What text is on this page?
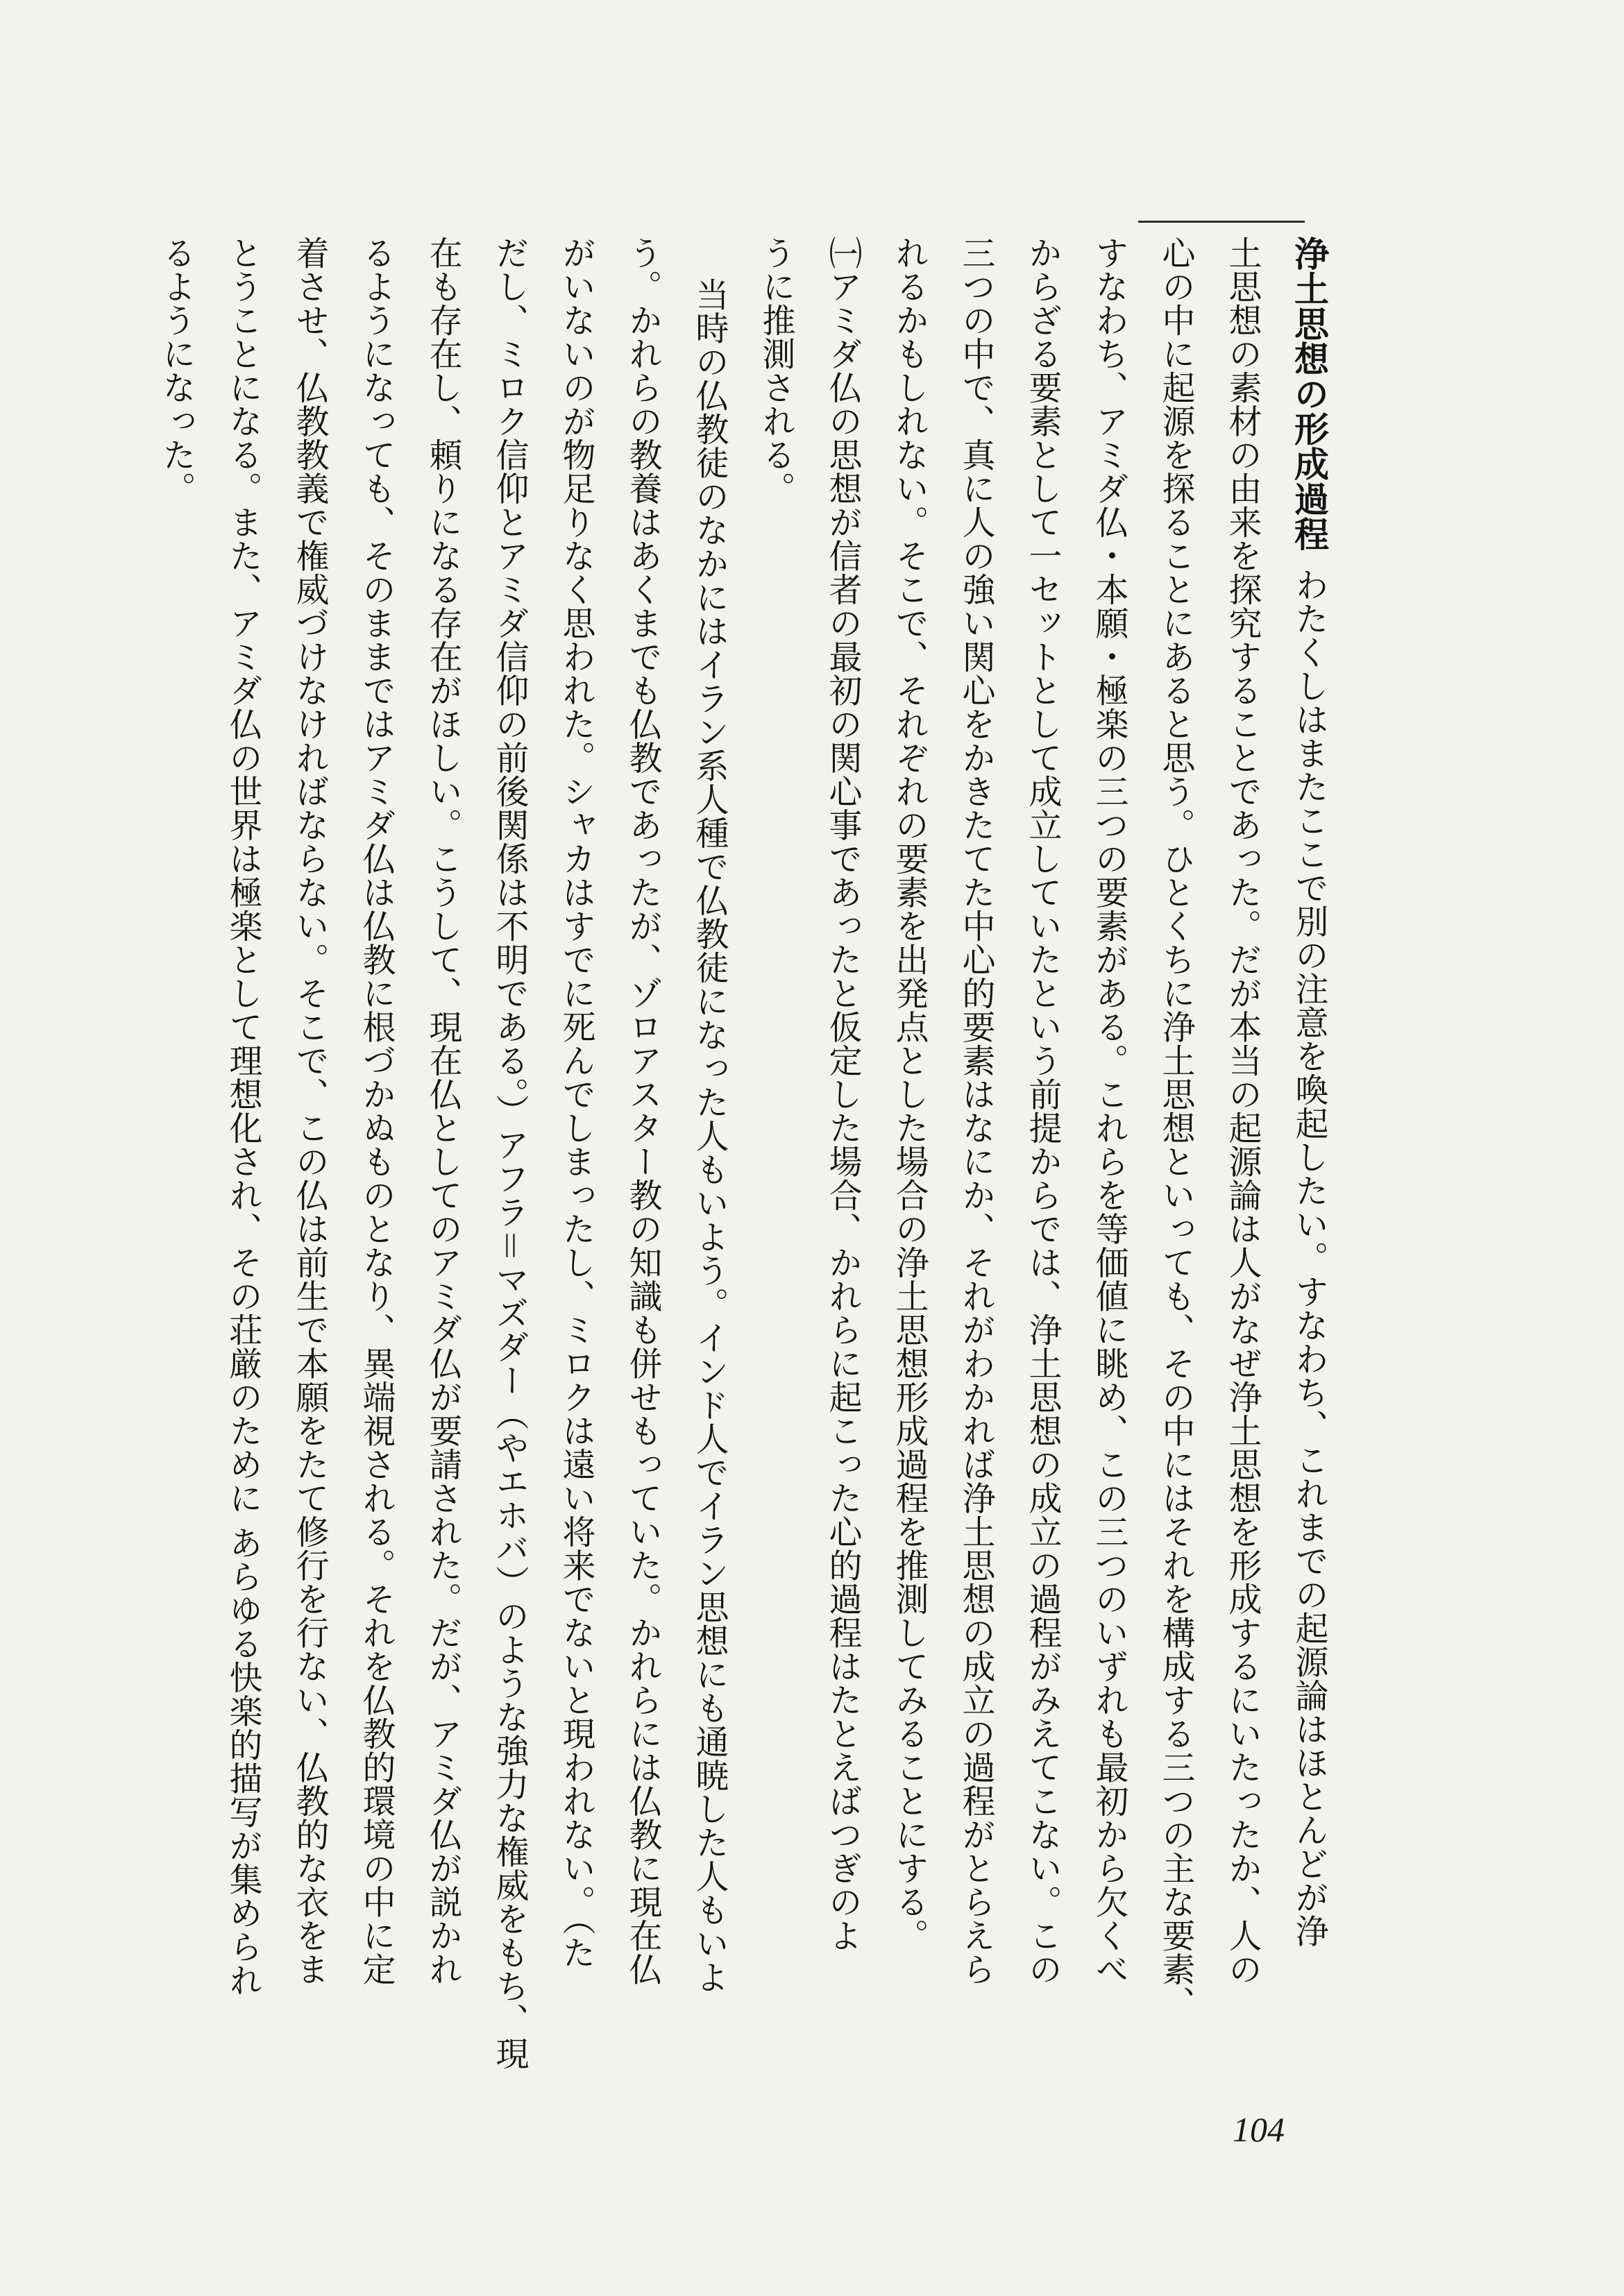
浄土思想の形成過程わたくしはまたここで別の注意を喚起したい。すなわち、これまでの起源論はほとんどが浄
土思想の素材の由来を探究することであった。だが本当の起源論は人がなぜ浄土思想を形成するにいたったか、人の
心の中に起源を探ることにあると思う。ひとくちに浄土思想といっても、その中にはそれを構成する三つの主な要素、
すなわち、アミダ仏・本願・極楽の三つの要素がある。これらを等価値に眺め、この三つのいずれも最初から欠くべ
からざる要素として一セットとして成立していたという前提からでは、浄土思想の成立の過程がみえてこない。この
三つの中で、真に人の強い関心をかきたてた中心的要素はなにか、それがわかれば浄土思想の成立の過程がとらえら
れるかもしれない。そこで、それぞれの要素を出発点とした場合の浄土思想形成過程を推測してみることにする。
㈠アミダ仏の思想が信者の最初の関心事であったと仮定した場合、かれらに起こった心的過程はたとえばつぎのよ
うに推測される。
当時の仏教徒のなかにはイラン系人種で仏教徒になった人もいよう。インド人でイラン思想にも通暁した人もいよ
う。かれらの教養はあくまでも仏教であったが、ゾロアスター教の知識も併せもっていた。かれらには仏教に現在仏
がいないのが物足りなく思われた。シャカはすでに死んでしまったし、ミロクは遠い将来でないと現われない。（た
だし、ミロク信仰とアミダ信仰の前後関係は不明である。）アフラ＝マズダー（やエホバ）のような強力な権威をもち、現
在も存在し、頼りになる存在がほしい。こうして、現在仏としてのアミダ仏が要請された。だが、アミダ仏が説かれ
るようになっても、そのままではアミダ仏は仏教に根づかぬものとなり、異端視される。それを仏教的環境の中に定
着させ、仏教教義で権威づけなければならない。そこで、この仏は前生で本願をたて修行を行ない、仏教的な衣をま
とうことになる。また、アミダ仏の世界は極楽として理想化され、その荘厳のために あらゆる快楽的描写が集められ
るようになった。
104
